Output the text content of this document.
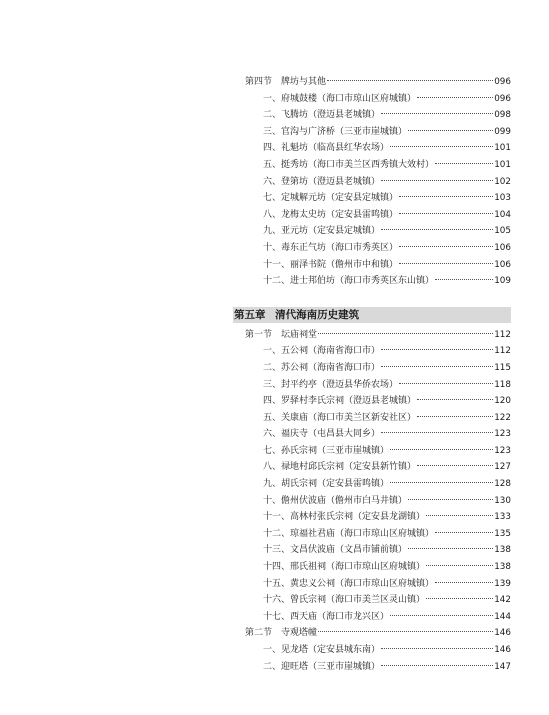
第四节　牌坊与其他	096
一、府城鼓楼（海口市琼山区府城镇）	096
二、飞腾坊（澄迈县老城镇）	098
三、官沟与广济桥（三亚市崖城镇）	099
四、礼魁坊（临高县红华农场）	101
五、挺秀坊（海口市美兰区西秀镇大效村）	101
六、登第坊（澄迈县老城镇）	102
七、定城解元坊（定安县定城镇）	103
八、龙梅太史坊（定安县雷鸣镇）	104
九、亚元坊（定安县定城镇）	105
十、毒东正气坊（海口市秀英区）	106
十一、丽泽书院（儋州市中和镇）	106
十二、进士邦伯坊（海口市秀英区东山镇）	109
第五章 清代海南历史建筑
第一节　坛庙祠堂	112
一、五公祠（海南省海口市）	112
二、苏公祠（海南省海口市）	115
三、封平约亭（澄迈县华侨农场）	118
四、罗驿村李氏宗祠（澄迈县老城镇）	120
五、关康庙（海口市美兰区新安社区）	122
六、福庆寺（屯昌县大同乡）	123
七、孙氏宗祠（三亚市崖城镇）	123
八、禄地村邱氏宗祠（定安县新竹镇）	127
九、胡氏宗祠（定安县雷鸣镇）	128
十、儋州伏波庙（儋州市白马井镇）	130
十一、高林村张氏宗祠（定安县龙湖镇）	133
十二、琼福社君庙（海口市琼山区府城镇）	135
十三、文昌伏波庙（文昌市铺前镇）	138
十四、邢氏祖祠（海口市琼山区府城镇）	138
十五、黄忠义公祠（海口市琼山区府城镇）	139
十六、曾氏宗祠（海口市美兰区灵山镇）	142
十七、西天庙（海口市龙兴区）	144
第二节　寺观塔幢	146
一、见龙塔（定安县城东南）	146
二、迎旺塔（三亚市崖城镇）	147
